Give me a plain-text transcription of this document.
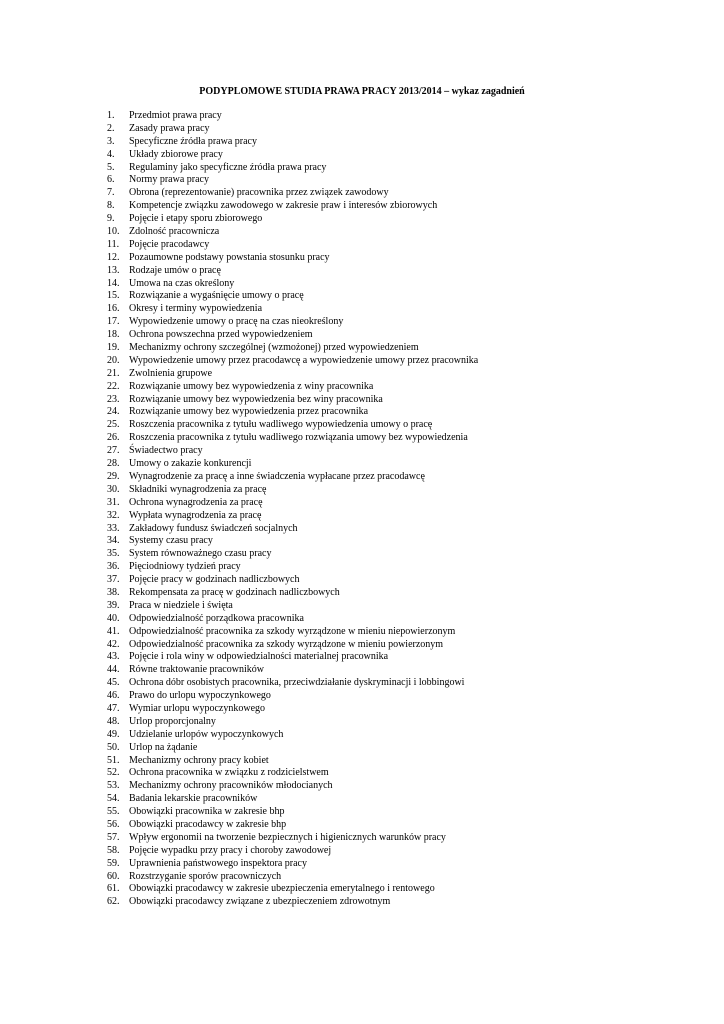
PODYPLOMOWE STUDIA PRAWA PRACY 2013/2014 – wykaz zagadnień
1.	Przedmiot prawa pracy
2.	Zasady prawa pracy
3.	Specyficzne źródła prawa pracy
4.	Układy zbiorowe pracy
5.	Regulaminy jako specyficzne źródła prawa pracy
6.	Normy prawa pracy
7.	Obrona (reprezentowanie) pracownika przez związek zawodowy
8.	Kompetencje związku zawodowego w zakresie praw i interesów zbiorowych
9.	Pojęcie i etapy sporu zbiorowego
10. Zdolność pracownicza
11. Pojęcie pracodawcy
12. Pozaumowne podstawy powstania stosunku pracy
13. Rodzaje umów o pracę
14. Umowa na czas określony
15. Rozwiązanie a wygaśnięcie umowy o pracę
16. Okresy i terminy wypowiedzenia
17. Wypowiedzenie umowy o pracę na czas nieokreślony
18. Ochrona powszechna przed wypowiedzeniem
19. Mechanizmy ochrony szczególnej (wzmożonej) przed wypowiedzeniem
20. Wypowiedzenie umowy przez pracodawcę a wypowiedzenie umowy przez pracownika
21. Zwolnienia grupowe
22. Rozwiązanie umowy bez wypowiedzenia z winy pracownika
23. Rozwiązanie umowy bez wypowiedzenia bez winy pracownika
24. Rozwiązanie umowy bez wypowiedzenia przez pracownika
25. Roszczenia pracownika z tytułu wadliwego wypowiedzenia umowy o pracę
26. Roszczenia pracownika z tytułu wadliwego rozwiązania umowy bez wypowiedzenia
27. Świadectwo pracy
28. Umowy o zakazie konkurencji
29. Wynagrodzenie za pracę a inne świadczenia wypłacane przez pracodawcę
30. Składniki wynagrodzenia za pracę
31. Ochrona wynagrodzenia za pracę
32. Wypłata wynagrodzenia za pracę
33. Zakładowy fundusz świadczeń socjalnych
34. Systemy czasu pracy
35. System równoważnego czasu pracy
36. Pięciodniowy tydzień pracy
37. Pojęcie pracy w godzinach nadliczbowych
38. Rekompensata za pracę w godzinach nadliczbowych
39. Praca w niedziele i święta
40. Odpowiedzialność porządkowa pracownika
41. Odpowiedzialność pracownika za szkody wyrządzone w mieniu niepowierzonym
42. Odpowiedzialność pracownika za szkody wyrządzone w mieniu powierzonym
43. Pojęcie i rola winy w odpowiedzialności materialnej pracownika
44. Równe traktowanie pracowników
45. Ochrona dóbr osobistych pracownika, przeciwdziałanie dyskryminacji i lobbingowi
46. Prawo do urlopu wypoczynkowego
47. Wymiar urlopu wypoczynkowego
48. Urlop proporcjonalny
49. Udzielanie urlopów wypoczynkowych
50. Urlop na żądanie
51. Mechanizmy ochrony pracy kobiet
52. Ochrona pracownika w związku z rodzicielstwem
53. Mechanizmy ochrony pracowników młodocianych
54. Badania lekarskie pracowników
55. Obowiązki pracownika w zakresie bhp
56. Obowiązki pracodawcy w zakresie bhp
57. Wpływ ergonomii na tworzenie bezpiecznych i higienicznych warunków pracy
58. Pojęcie wypadku przy pracy i choroby zawodowej
59. Uprawnienia państwowego inspektora pracy
60. Rozstrzyganie sporów pracowniczych
61. Obowiązki pracodawcy w zakresie ubezpieczenia emerytalnego i rentowego
62. Obowiązki pracodawcy związane z ubezpieczeniem zdrowotnym
